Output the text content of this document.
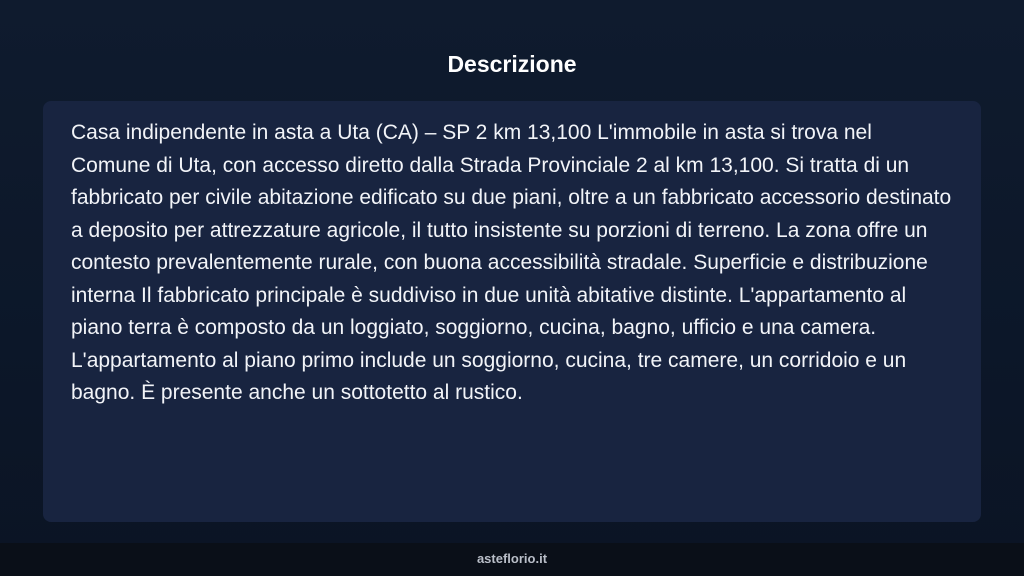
Descrizione

Casa indipendente in asta a Uta (CA) – SP 2 km 13,100 L'immobile in asta si trova nel Comune di Uta, con accesso diretto dalla Strada Provinciale 2 al km 13,100. Si tratta di un fabbricato per civile abitazione edificato su due piani, oltre a un fabbricato accessorio destinato a deposito per attrezzature agricole, il tutto insistente su porzioni di terreno. La zona offre un contesto prevalentemente rurale, con buona accessibilità stradale. Superficie e distribuzione interna Il fabbricato principale è suddiviso in due unità abitative distinte. L'appartamento al piano terra è composto da un loggiato, soggiorno, cucina, bagno, ufficio e una camera. L'appartamento al piano primo include un soggiorno, cucina, tre camere, un corridoio e un bagno. È presente anche un sottotetto al rustico.

asteflorio.it
